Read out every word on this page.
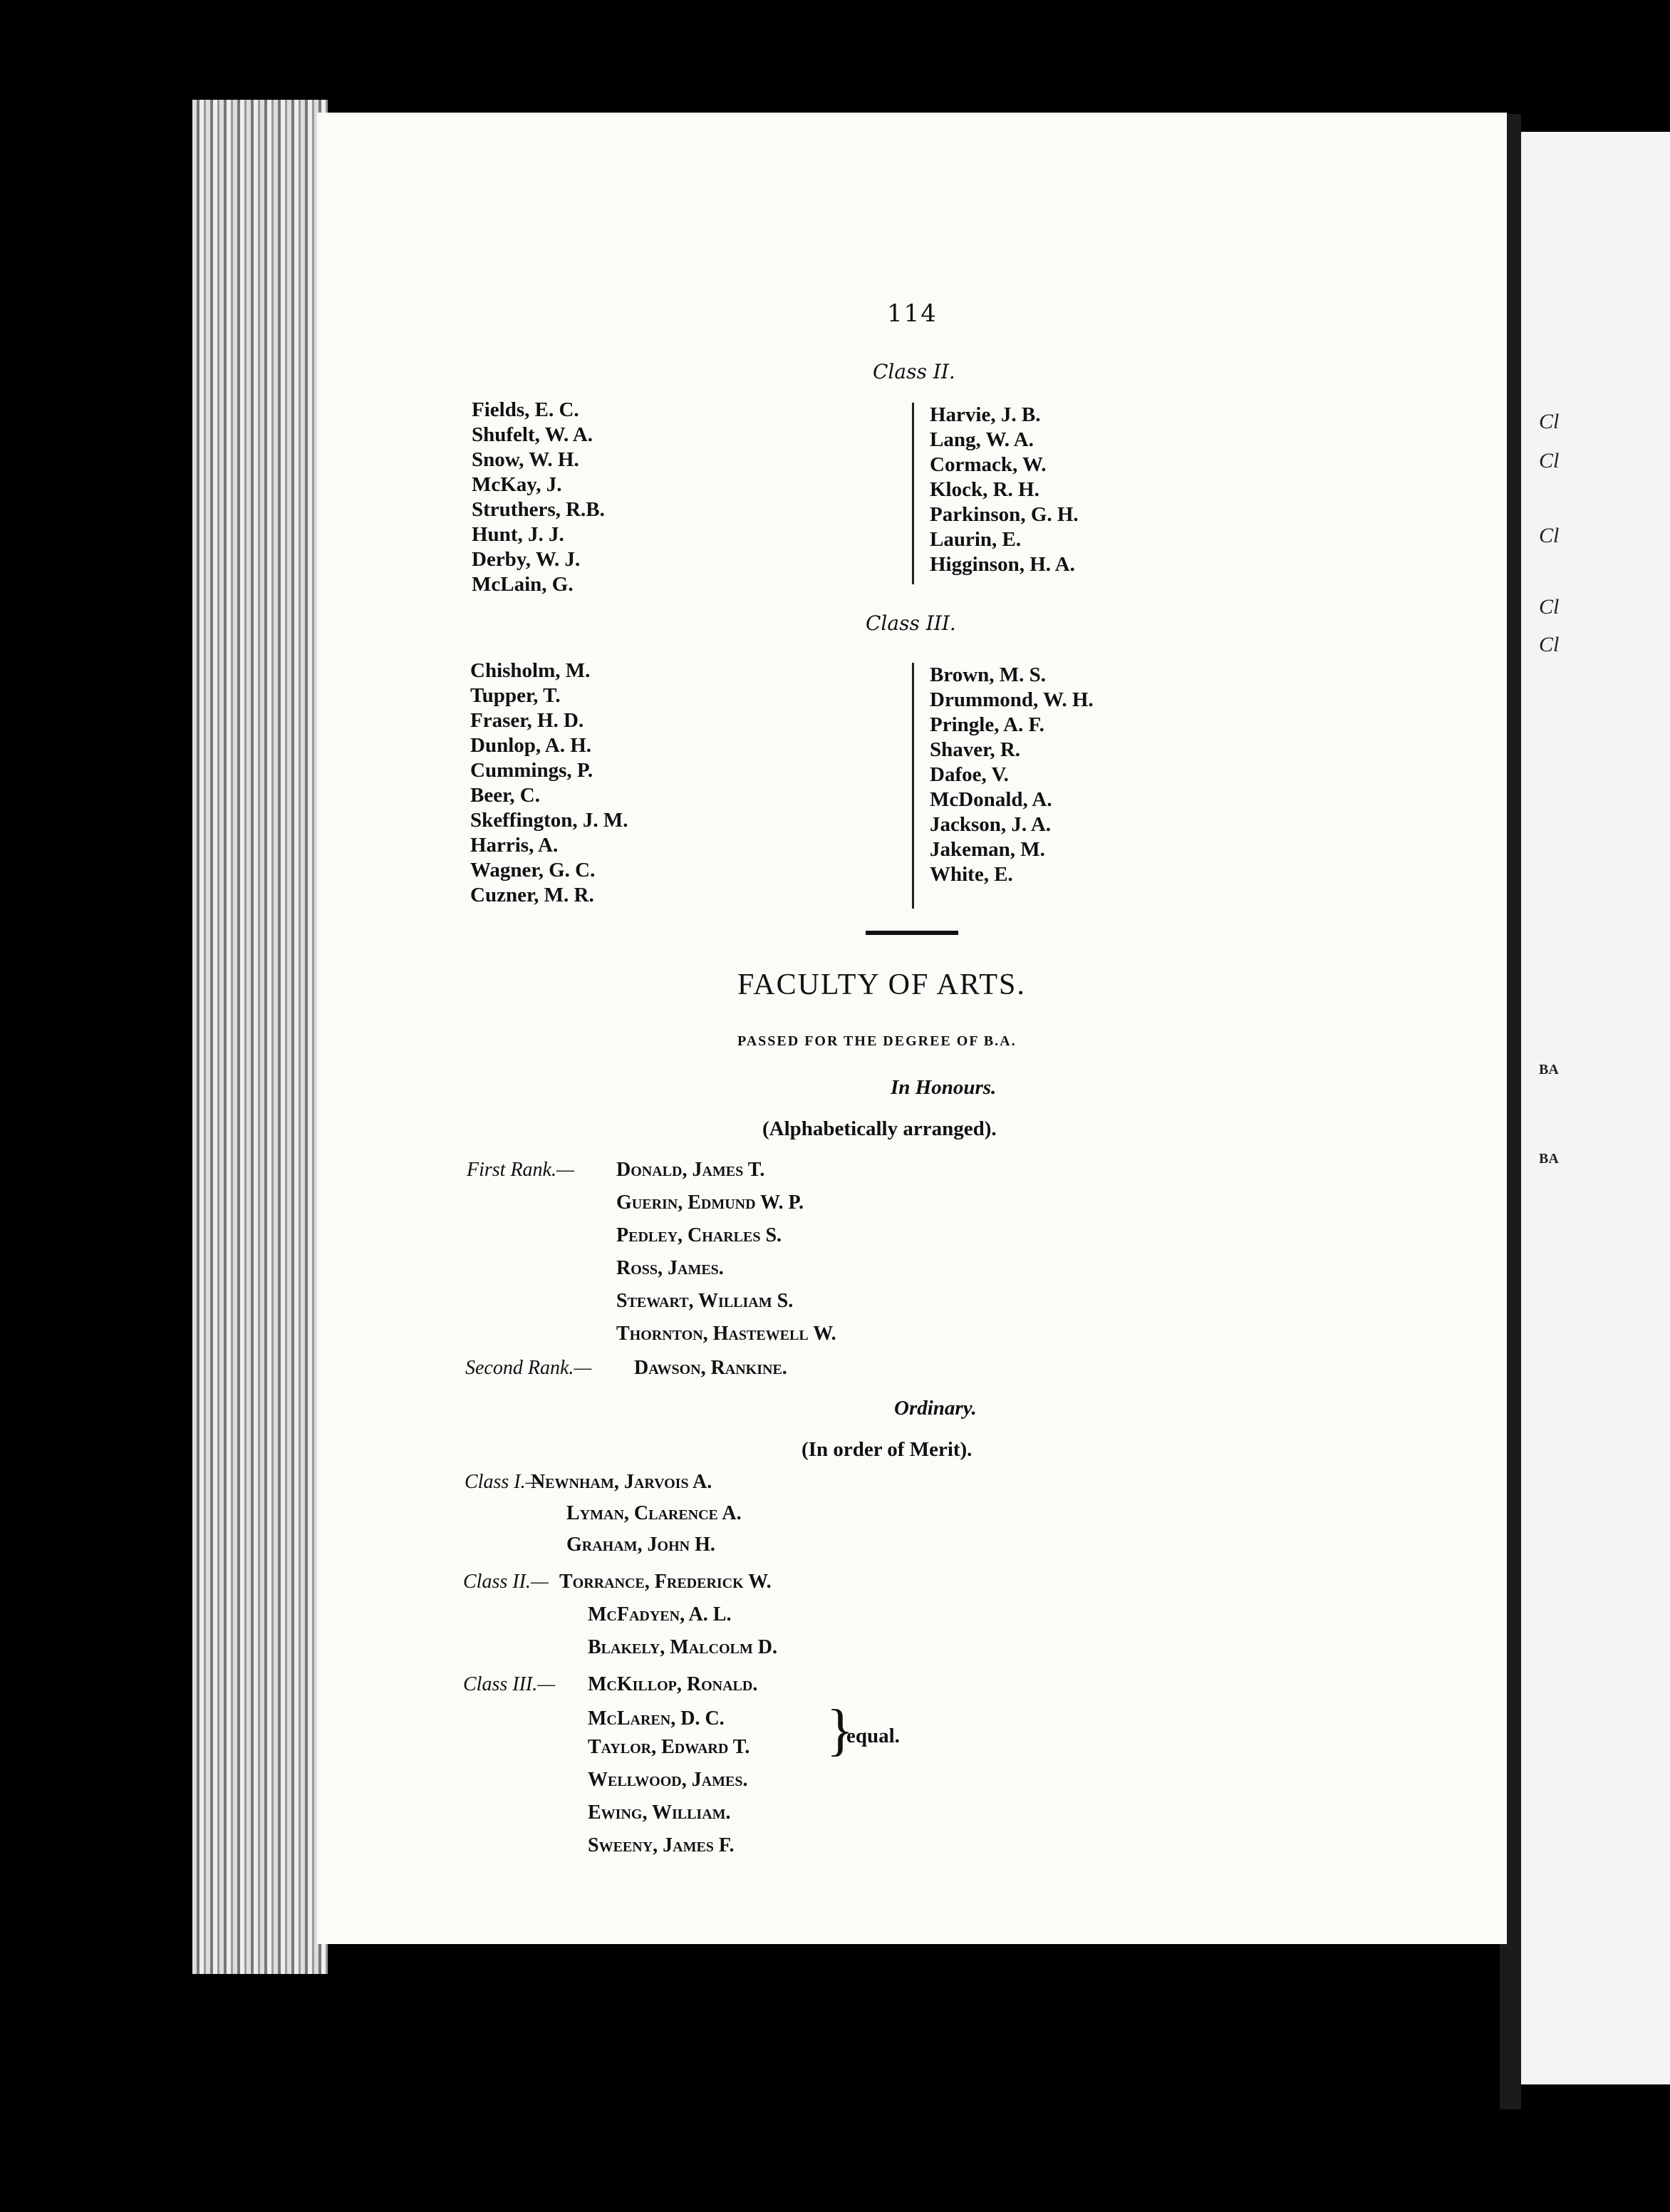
Cl
Cl
Cl
Cl
Cl
BA
BA
114
Class II.
Fields, E. C.
Shufelt, W. A.
Snow, W. H.
McKay, J.
Struthers, R.B.
Hunt, J. J.
Derby, W. J.
McLain, G.
Harvie, J. B.
Lang, W. A.
Cormack, W.
Klock, R. H.
Parkinson, G. H.
Laurin, E.
Higginson, H. A.
Class III.
Chisholm, M.
Tupper, T.
Fraser, H. D.
Dunlop, A. H.
Cummings, P.
Beer, C.
Skeffington, J. M.
Harris, A.
Wagner, G. C.
Cuzner, M. R.
Brown, M. S.
Drummond, W. H.
Pringle, A. F.
Shaver, R.
Dafoe, V.
McDonald, A.
Jackson, J. A.
Jakeman, M.
White, E.
FACULTY OF ARTS.
PASSED FOR THE DEGREE OF B.A.
In Honours.
(Alphabetically arranged).
First Rank.— Donald, James T.
Guerin, Edmund W. P.
Pedley, Charles S.
Ross, James.
Stewart, William S.
Thornton, Hastewell W.
Second Rank.— Dawson, Rankine.
Ordinary.
(In order of Merit).
Class I.—
Newnham, Jarvois A.
Lyman, Clarence A.
Graham, John H.
Class II.— Torrance, Frederick W.
McFadyen, A. L.
Blakely, Malcolm D.
Class III.— McKillop, Ronald.
McLaren, D. C.
Taylor, Edward T. }
equal.
Wellwood, James.
Ewing, William.
Sweeny, James F.
